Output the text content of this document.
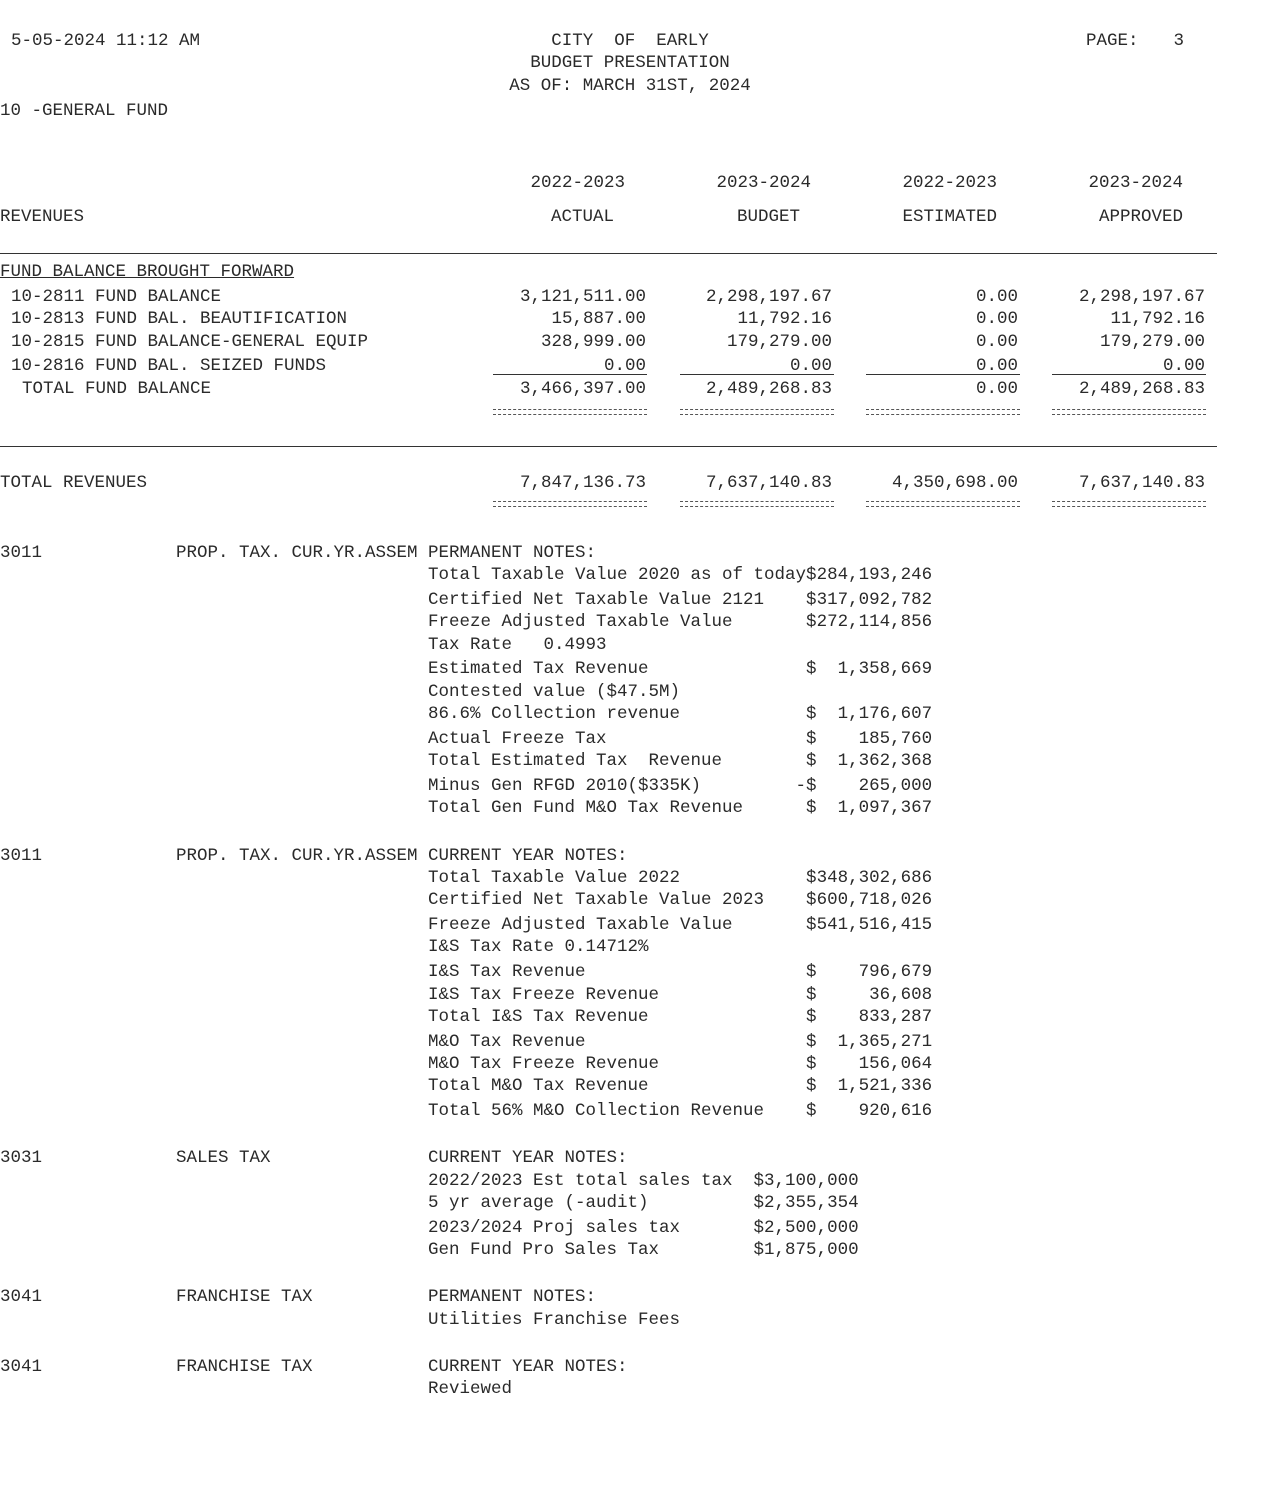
5-05-2024 11:12 AM	CITY  OF  EARLY
BUDGET PRESENTATION
AS OF: MARCH 31ST, 2024
PAGE:	3
10 -GENERAL FUND
2022-2023	2023-2024	2022-2023	2023-2024
REVENUES	ACTUAL	BUDGET	ESTIMATED	APPROVED
FUND BALANCE BROUGHT FORWARD
10-2811 FUND BALANCE	3,121,511.00	2,298,197.67	0.00	2,298,197.67
10-2813 FUND BAL. BEAUTIFICATION	15,887.00	11,792.16	0.00	11,792.16
10-2815 FUND BALANCE-GENERAL EQUIP	328,999.00	179,279.00	0.00	179,279.00
10-2816 FUND BAL. SEIZED FUNDS	0.00	0.00	0.00	0.00
TOTAL FUND BALANCE	3,466,397.00	2,489,268.83	0.00	2,489,268.83
TOTAL REVENUES	7,847,136.73	7,637,140.83	4,350,698.00	7,637,140.83
3011	PROP. TAX. CUR.YR.ASSEM PERMANENT NOTES:
Total Taxable Value 2020 as of today$284,193,246
Certified Net Taxable Value 2121    $317,092,782
Freeze Adjusted Taxable Value       $272,114,856
Tax Rate   0.4993
Estimated Tax Revenue               $  1,358,669
Contested value ($47.5M)
86.6% Collection revenue            $  1,176,607
Actual Freeze Tax                   $    185,760
Total Estimated Tax  Revenue        $  1,362,368
Minus Gen RFGD 2010($335K)         -$    265,000
Total Gen Fund M&O Tax Revenue      $  1,097,367
3011	PROP. TAX. CUR.YR.ASSEM CURRENT YEAR NOTES:
Total Taxable Value 2022            $348,302,686
Certified Net Taxable Value 2023    $600,718,026
Freeze Adjusted Taxable Value       $541,516,415
I&S Tax Rate 0.14712%
I&S Tax Revenue                     $    796,679
I&S Tax Freeze Revenue              $     36,608
Total I&S Tax Revenue               $    833,287
M&O Tax Revenue                     $  1,365,271
M&O Tax Freeze Revenue              $    156,064
Total M&O Tax Revenue               $  1,521,336
Total 56% M&O Collection Revenue    $    920,616
3031	SALES TAX	CURRENT YEAR NOTES:
2022/2023 Est total sales tax  $3,100,000
5 yr average (-audit)          $2,355,354
2023/2024 Proj sales tax       $2,500,000
Gen Fund Pro Sales Tax         $1,875,000
3041	FRANCHISE TAX	PERMANENT NOTES:
Utilities Franchise Fees
3041	FRANCHISE TAX	CURRENT YEAR NOTES:
Reviewed
